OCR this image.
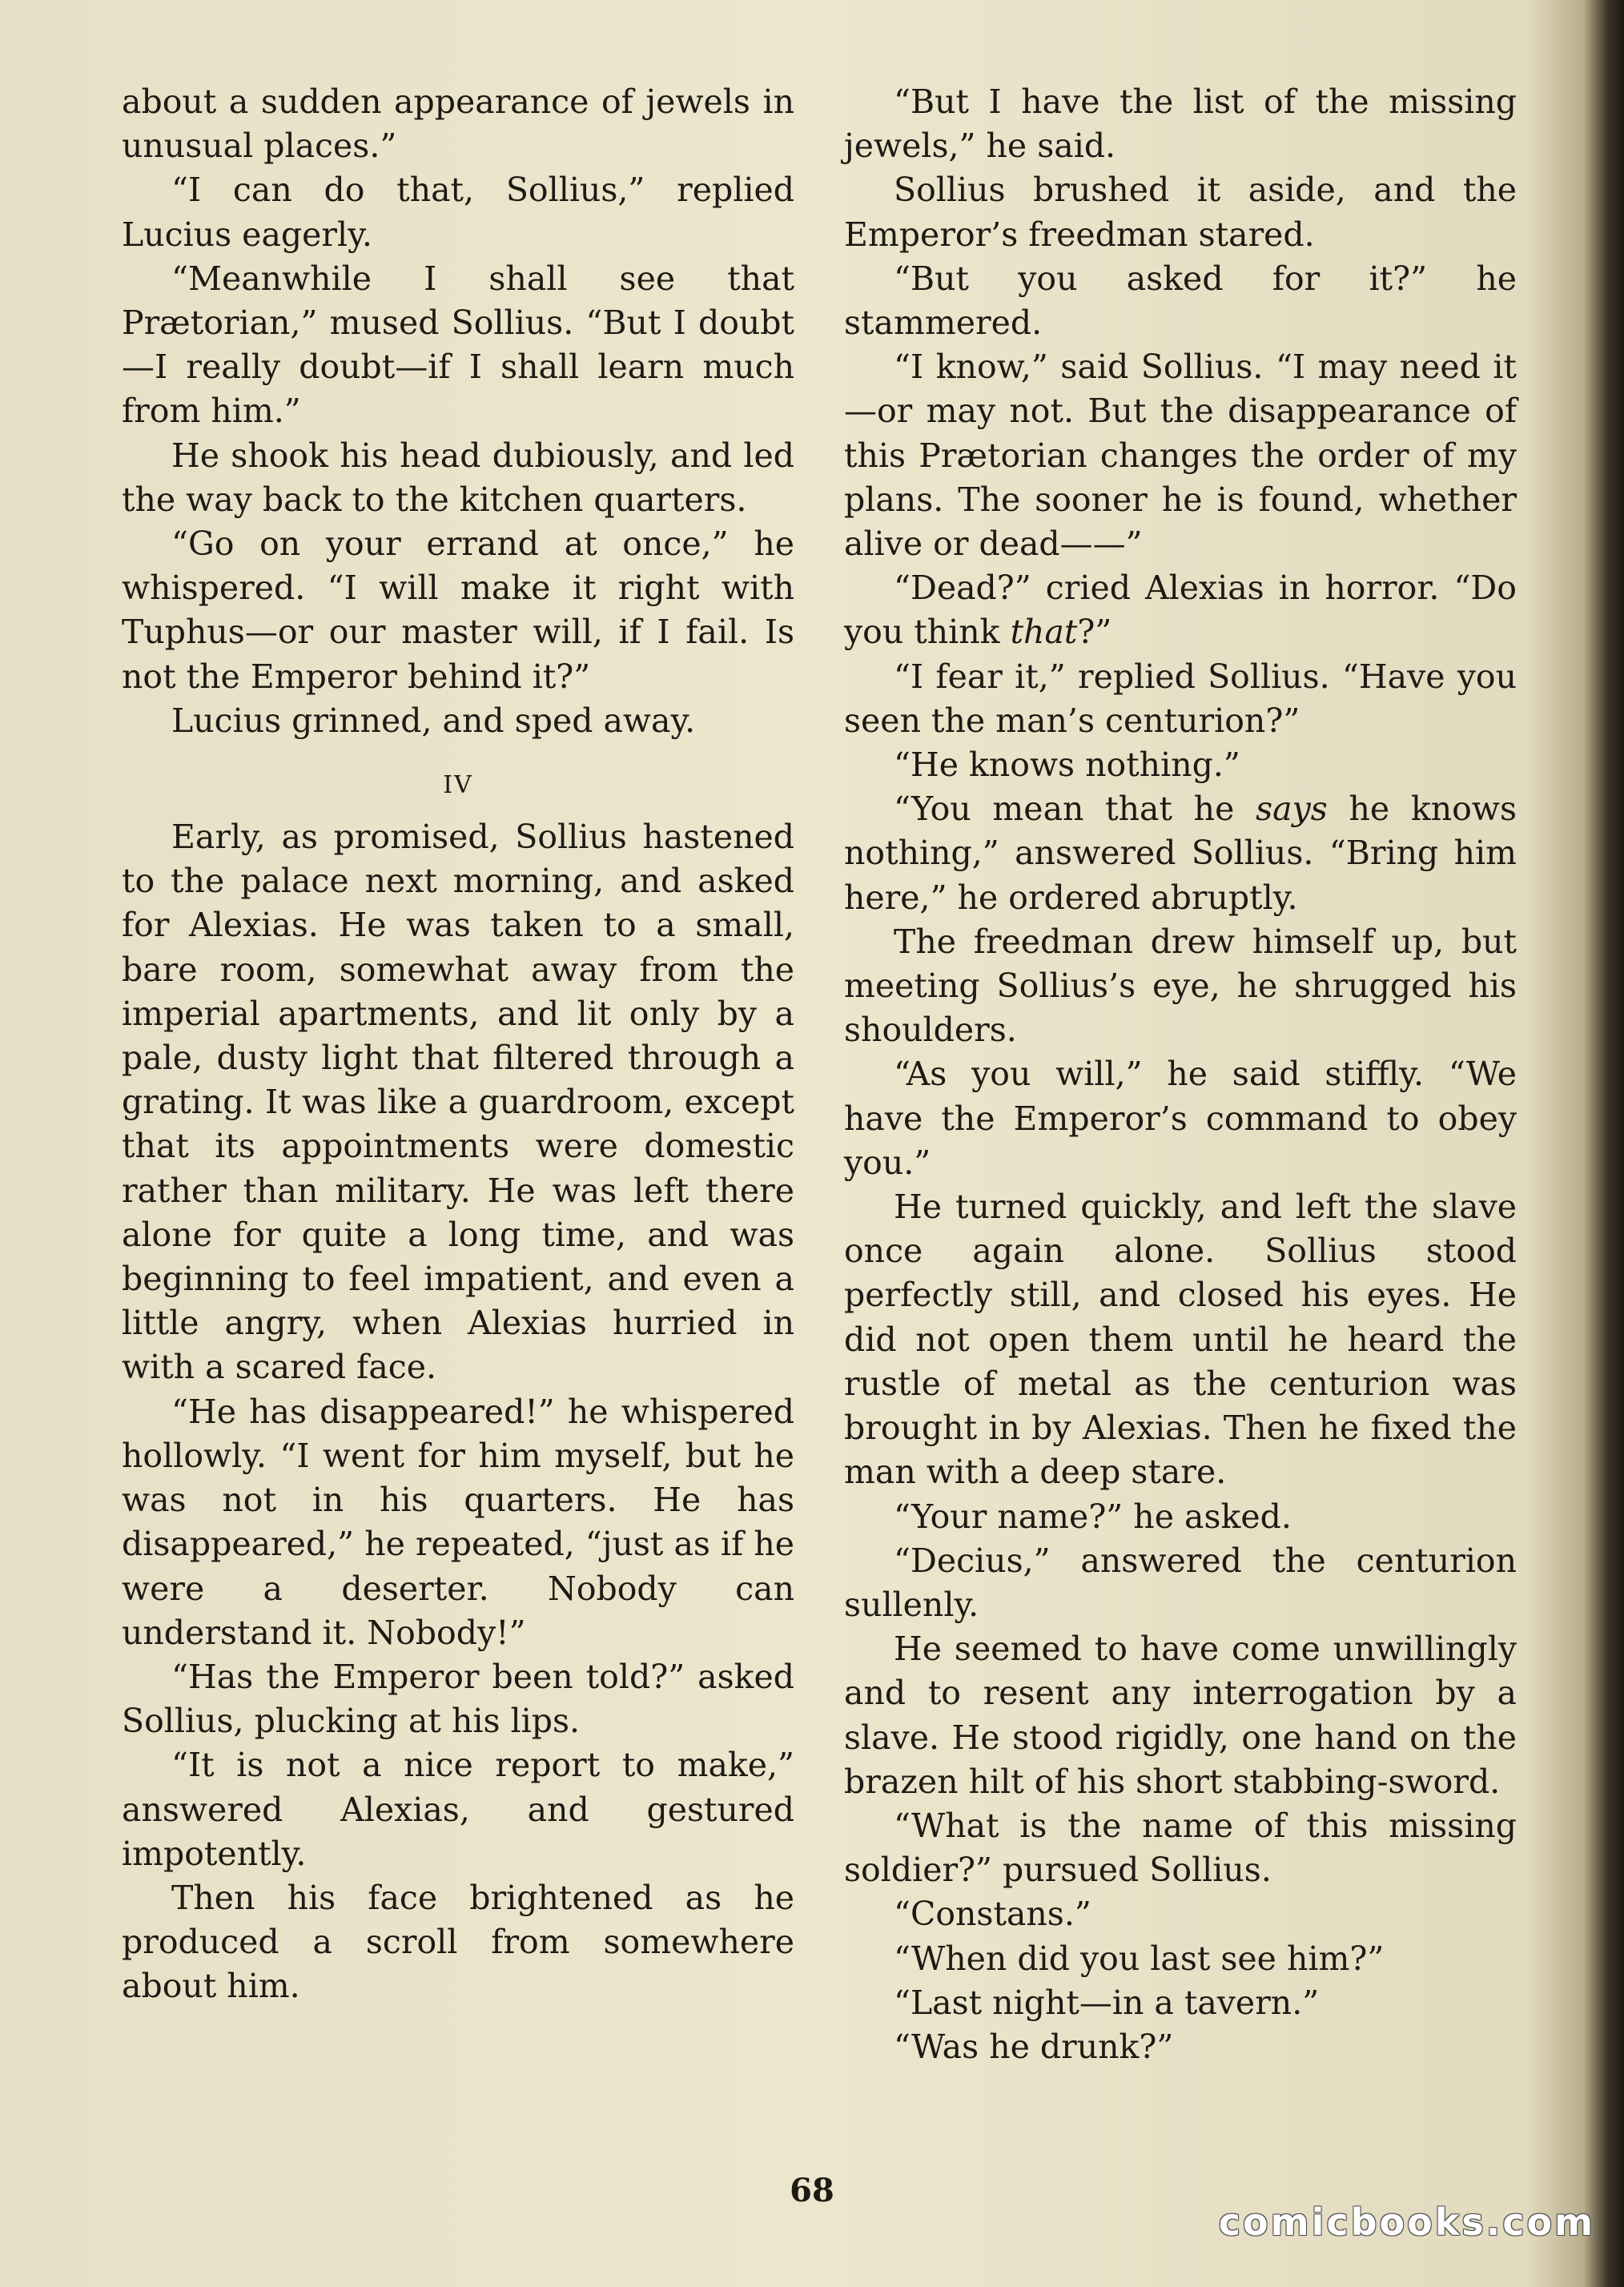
about a sudden appearance of jewels in unusual places.”

“I can do that, Sollius,” replied Lucius eagerly.

“Meanwhile I shall see that Prætorian,” mused Sollius. “But I doubt —I really doubt—if I shall learn much from him.”

He shook his head dubiously, and led the way back to the kitchen quarters.

“Go on your errand at once,” he whispered. “I will make it right with Tuphus—or our master will, if I fail. Is not the Emperor behind it?”

Lucius grinned, and sped away.

IV

Early, as promised, Sollius hastened to the palace next morning, and asked for Alexias. He was taken to a small, bare room, somewhat away from the imperial apartments, and lit only by a pale, dusty light that filtered through a grating. It was like a guardroom, except that its appointments were domestic rather than military. He was left there alone for quite a long time, and was beginning to feel impatient, and even a little angry, when Alexias hurried in with a scared face.

“He has disappeared!” he whispered hollowly. “I went for him myself, but he was not in his quarters. He has disappeared,” he repeated, “just as if he were a deserter. Nobody can understand it. Nobody!”

“Has the Emperor been told?” asked Sollius, plucking at his lips.

“It is not a nice report to make,” answered Alexias, and gestured impotently.

Then his face brightened as he produced a scroll from somewhere about him.

“But I have the list of the missing jewels,” he said.

Sollius brushed it aside, and the Emperor’s freedman stared.

“But you asked for it?” he stammered.

“I know,” said Sollius. “I may need it—or may not. But the disappearance of this Prætorian changes the order of my plans. The sooner he is found, whether alive or dead——”

“Dead?” cried Alexias in horror. “Do you think that?”

“I fear it,” replied Sollius. “Have you seen the man’s centurion?”

“He knows nothing.”

“You mean that he says he knows nothing,” answered Sollius. “Bring him here,” he ordered abruptly.

The freedman drew himself up, but meeting Sollius’s eye, he shrugged his shoulders.

“As you will,” he said stiffly. “We have the Emperor’s command to obey you.”

He turned quickly, and left the slave once again alone. Sollius stood perfectly still, and closed his eyes. He did not open them until he heard the rustle of metal as the centurion was brought in by Alexias. Then he fixed the man with a deep stare.

“Your name?” he asked.

“Decius,” answered the centurion sullenly.

He seemed to have come unwillingly and to resent any interrogation by a slave. He stood rigidly, one hand on the brazen hilt of his short stabbing-sword.

“What is the name of this missing soldier?” pursued Sollius.

“Constans.”

“When did you last see him?”

“Last night—in a tavern.”

“Was he drunk?”

68
comicbooks.com
